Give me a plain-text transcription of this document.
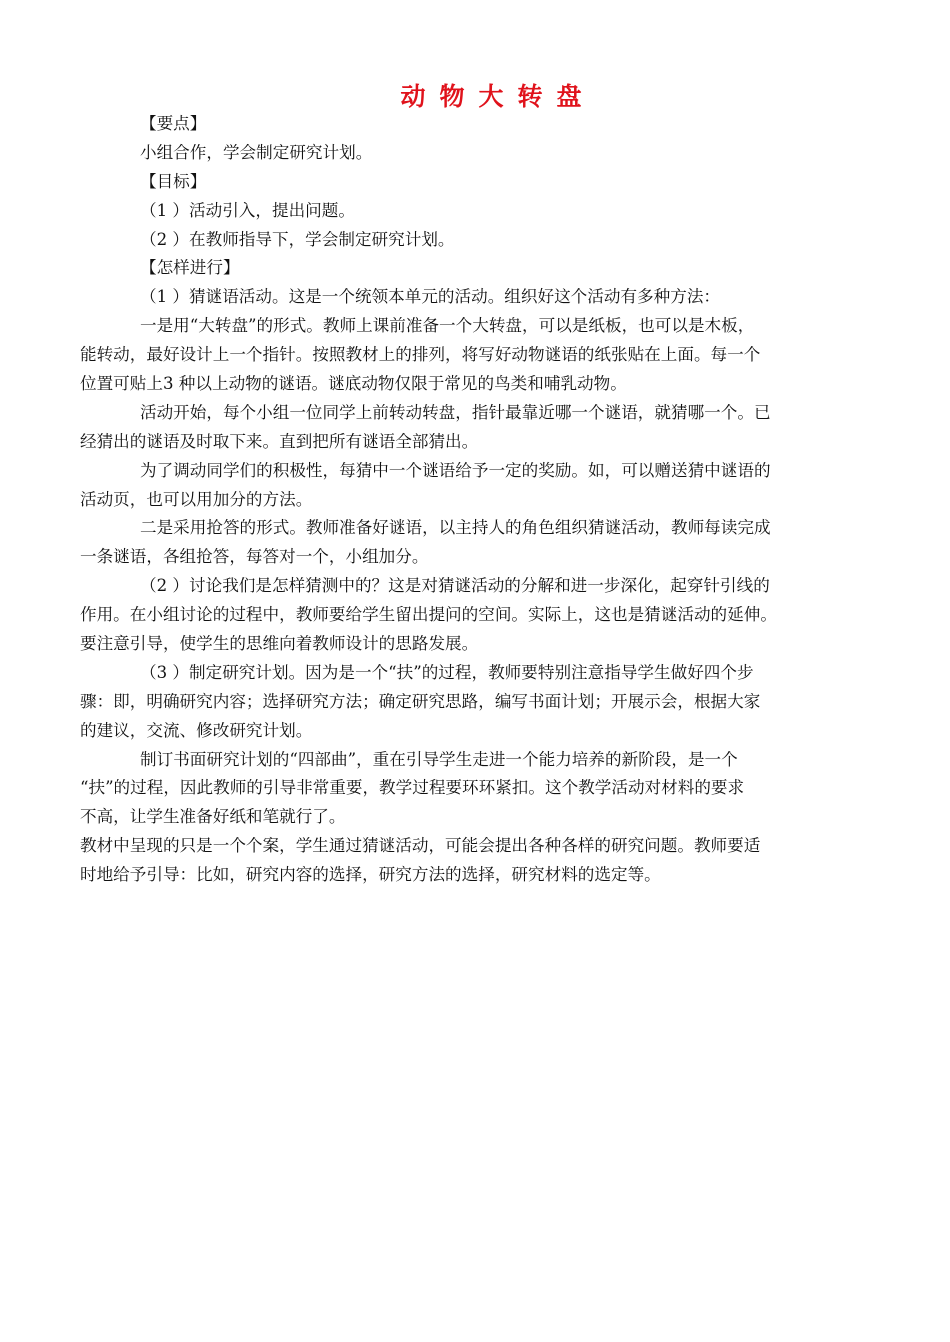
动物大转盘

【要点】

小组合作，学会制定研究计划。

【目标】

（1 ）活动引入，提出问题。

（2 ）在教师指导下，学会制定研究计划。

【怎样进行】

（1 ）猜谜语活动。这是一个统领本单元的活动。组织好这个活动有多种方法：

一是用“大转盘”的形式。教师上课前准备一个大转盘，可以是纸板，也可以是木板，

能转动，最好设计上一个指针。按照教材上的排列，将写好动物谜语的纸张贴在上面。每一个

位置可贴上3 种以上动物的谜语。谜底动物仅限于常见的鸟类和哺乳动物。

活动开始，每个小组一位同学上前转动转盘，指针最靠近哪一个谜语，就猜哪一个。已

经猜出的谜语及时取下来。直到把所有谜语全部猜出。

为了调动同学们的积极性，每猜中一个谜语给予一定的奖励。如，可以赠送猜中谜语的

活动页，也可以用加分的方法。

二是采用抢答的形式。教师准备好谜语，以主持人的角色组织猜谜活动，教师每读完成

一条谜语，各组抢答，每答对一个，小组加分。

（2 ）讨论我们是怎样猜测中的？这是对猜谜活动的分解和进一步深化，起穿针引线的

作用。在小组讨论的过程中，教师要给学生留出提问的空间。实际上，这也是猜谜活动的延伸。

要注意引导，使学生的思维向着教师设计的思路发展。

（3 ）制定研究计划。因为是一个“扶”的过程，教师要特别注意指导学生做好四个步

骤：即，明确研究内容；选择研究方法；确定研究思路，编写书面计划；开展示会，根据大家

的建议，交流、修改研究计划。

制订书面研究计划的“四部曲”，重在引导学生走进一个能力培养的新阶段，是一个

“扶”的过程，因此教师的引导非常重要，教学过程要环环紧扣。这个教学活动对材料的要求

不高，让学生准备好纸和笔就行了。

教材中呈现的只是一个个案，学生通过猜谜活动，可能会提出各种各样的研究问题。教师要适

时地给予引导：比如，研究内容的选择，研究方法的选择，研究材料的选定等。
